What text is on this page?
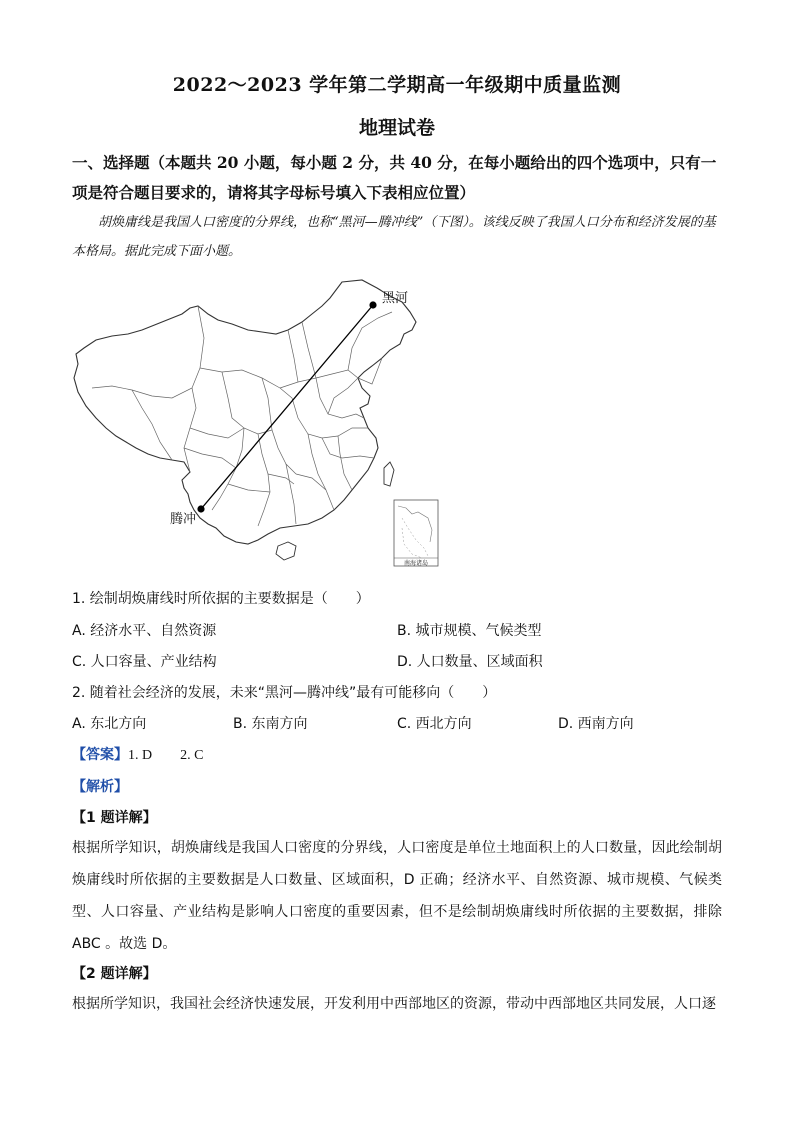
2022～2023 学年第二学期高一年级期中质量监测
地理试卷
一、选择题（本题共 20 小题，每小题 2 分，共 40 分，在每小题给出的四个选项中，只有一项是符合题目要求的，请将其字母标号填入下表相应位置）
胡焕庸线是我国人口密度的分界线，也称“黑河—腾冲线”（下图）。该线反映了我国人口分布和经济发展的基本格局。据此完成下面小题。
黑河
腾冲
南海诸岛
1. 绘制胡焕庸线时所依据的主要数据是（　　）
A. 经济水平、自然资源	B. 城市规模、气候类型
C. 人口容量、产业结构	D. 人口数量、区域面积
2. 随着社会经济的发展，未来“黑河—腾冲线”最有可能移向（　　）
A. 东北方向	B. 东南方向	C. 西北方向	D. 西南方向
【答案】1. D　　2. C
【解析】
【1 题详解】
根据所学知识，胡焕庸线是我国人口密度的分界线，人口密度是单位土地面积上的人口数量，因此绘制胡焕庸线时所依据的主要数据是人口数量、区域面积，D 正确；经济水平、自然资源、城市规模、气候类型、人口容量、产业结构是影响人口密度的重要因素，但不是绘制胡焕庸线时所依据的主要数据，排除 ABC 。故选 D。
【2 题详解】
根据所学知识，我国社会经济快速发展，开发利用中西部地区的资源，带动中西部地区共同发展，人口逐
